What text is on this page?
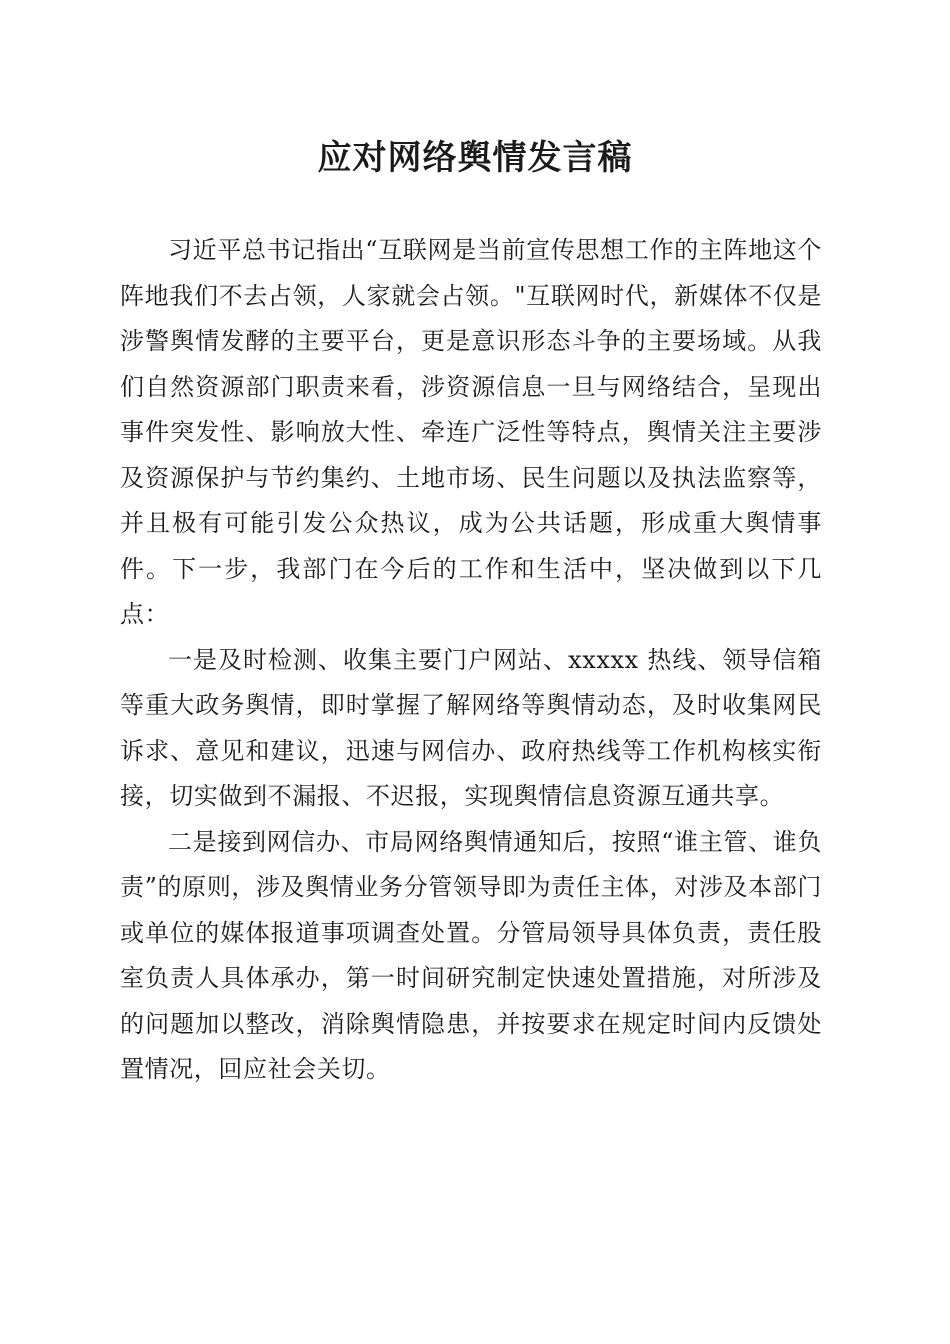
应对网络舆情发言稿

习近平总书记指出“互联网是当前宣传思想工作的主阵地这个阵地我们不去占领，人家就会占领。"互联网时代，新媒体不仅是涉警舆情发酵的主要平台，更是意识形态斗争的主要场域。从我们自然资源部门职责来看，涉资源信息一旦与网络结合，呈现出事件突发性、影响放大性、牵连广泛性等特点，舆情关注主要涉及资源保护与节约集约、土地市场、民生问题以及执法监察等，并且极有可能引发公众热议，成为公共话题，形成重大舆情事件。下一步，我部门在今后的工作和生活中，坚决做到以下几点：

一是及时检测、收集主要门户网站、xxxxx 热线、领导信箱等重大政务舆情，即时掌握了解网络等舆情动态，及时收集网民诉求、意见和建议，迅速与网信办、政府热线等工作机构核实衔接，切实做到不漏报、不迟报，实现舆情信息资源互通共享。

二是接到网信办、市局网络舆情通知后，按照“谁主管、谁负责”的原则，涉及舆情业务分管领导即为责任主体，对涉及本部门或单位的媒体报道事项调查处置。分管局领导具体负责，责任股室负责人具体承办，第一时间研究制定快速处置措施，对所涉及的问题加以整改，消除舆情隐患，并按要求在规定时间内反馈处置情况，回应社会关切。
